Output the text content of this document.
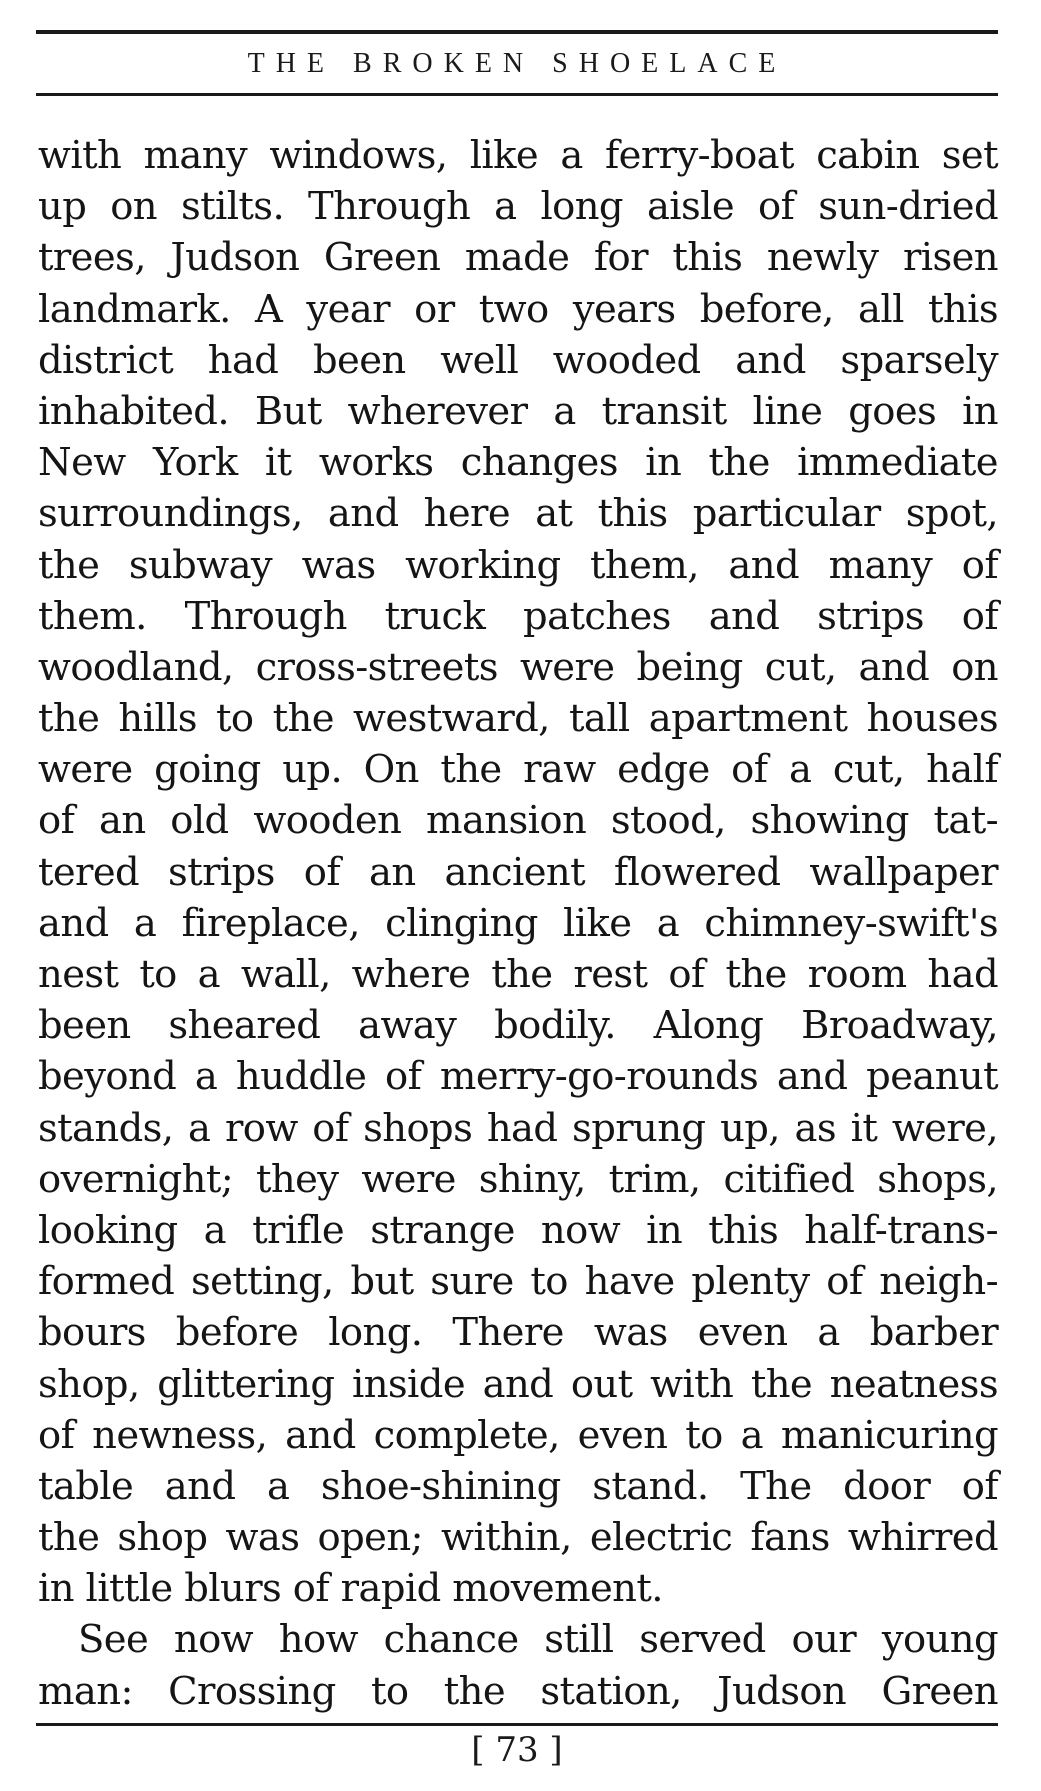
THE BROKEN SHOELACE
with many windows, like a ferry-boat cabin set
up on stilts. Through a long aisle of sun-dried
trees, Judson Green made for this newly risen
landmark. A year or two years before, all this
district had been well wooded and sparsely
inhabited. But wherever a transit line goes in
New York it works changes in the immediate
surroundings, and here at this particular spot,
the subway was working them, and many of
them. Through truck patches and strips of
woodland, cross-streets were being cut, and on
the hills to the westward, tall apartment houses
were going up. On the raw edge of a cut, half
of an old wooden mansion stood, showing tat-
tered strips of an ancient flowered wallpaper
and a fireplace, clinging like a chimney-swift's
nest to a wall, where the rest of the room had
been sheared away bodily. Along Broadway,
beyond a huddle of merry-go-rounds and peanut
stands, a row of shops had sprung up, as it were,
overnight; they were shiny, trim, citified shops,
looking a trifle strange now in this half-trans-
formed setting, but sure to have plenty of neigh-
bours before long. There was even a barber
shop, glittering inside and out with the neatness
of newness, and complete, even to a manicuring
table and a shoe-shining stand. The door of
the shop was open; within, electric fans whirred
in little blurs of rapid movement.
See now how chance still served our young
man: Crossing to the station, Judson Green
[ 73 ]
